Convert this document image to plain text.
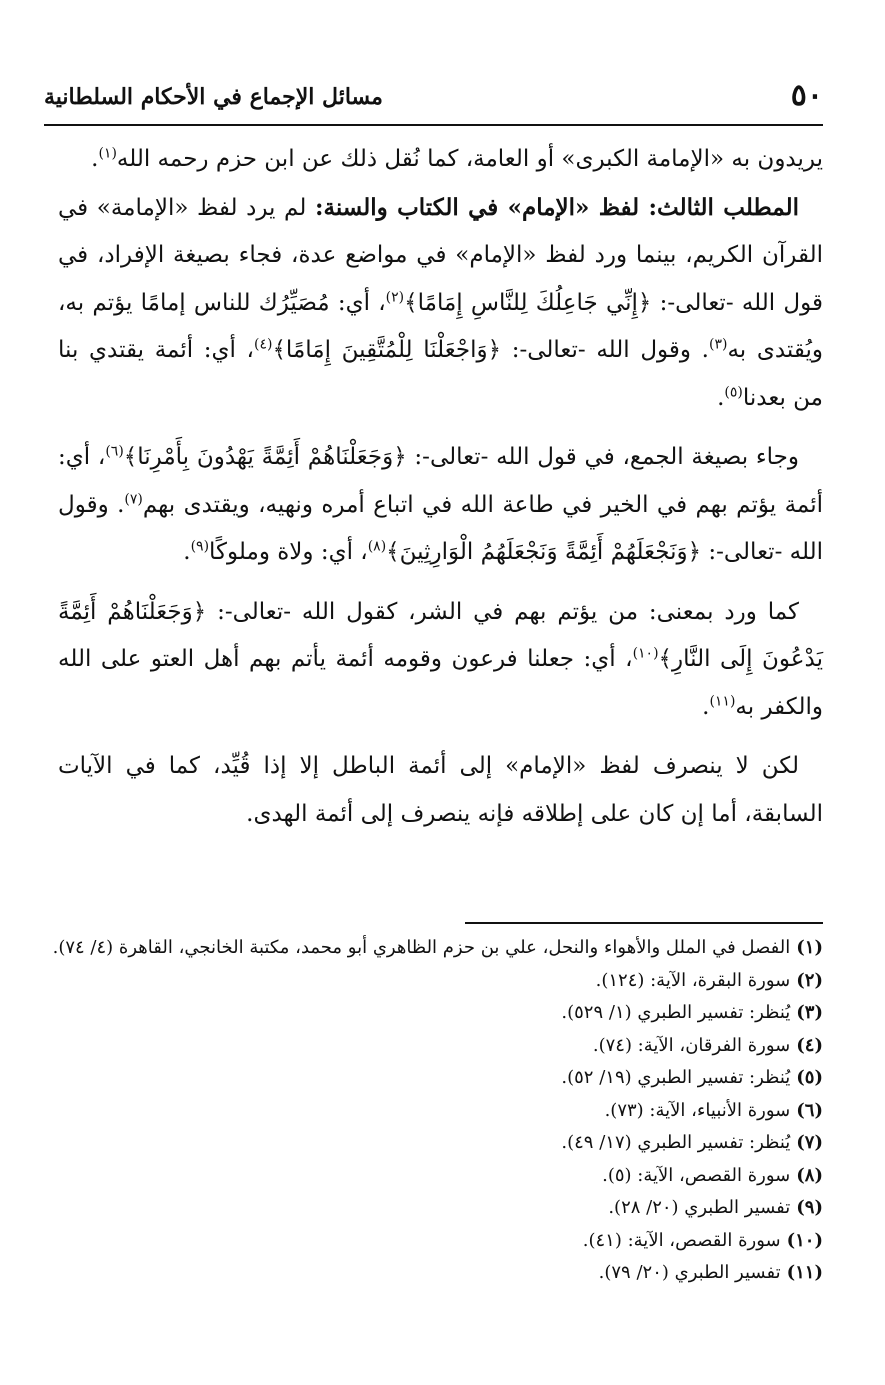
٥٠
مسائل الإجماع في الأحكام السلطانية

يريدون به «الإمامة الكبرى» أو العامة، كما نُقل ذلك عن ابن حزم رحمه الله$^{(١)}$.

المطلب الثالث: لفظ «الإمام» في الكتاب والسنة: لم يرد لفظ «الإمامة» في القرآن الكريم، بينما ورد لفظ «الإمام» في مواضع عدة، فجاء بصيغة الإفراد، في قول الله -تعالى-: ﴿إِنِّي جَاعِلُكَ لِلنَّاسِ إِمَامًا﴾$^{(٢)}$، أي: مُصَيِّرُك للناس إمامًا يؤتم به، ويُقتدى به$^{(٣)}$. وقول الله -تعالى-: ﴿وَاجْعَلْنَا لِلْمُتَّقِينَ إِمَامًا﴾$^{(٤)}$، أي: أئمة يقتدي بنا من بعدنا$^{(٥)}$.

وجاء بصيغة الجمع، في قول الله -تعالى-: ﴿وَجَعَلْنَاهُمْ أَئِمَّةً يَهْدُونَ بِأَمْرِنَا﴾$^{(٦)}$، أي: أئمة يؤتم بهم في الخير في طاعة الله في اتباع أمره ونهيه، ويقتدى بهم$^{(٧)}$. وقول الله -تعالى-: ﴿وَنَجْعَلَهُمْ أَئِمَّةً وَنَجْعَلَهُمُ الْوَارِثِينَ﴾$^{(٨)}$، أي: ولاة وملوكًا$^{(٩)}$.

كما ورد بمعنى: من يؤتم بهم في الشر، كقول الله -تعالى-: ﴿وَجَعَلْنَاهُمْ أَئِمَّةً يَدْعُونَ إِلَى النَّارِ﴾$^{(١٠)}$، أي: جعلنا فرعون وقومه أئمة يأتم بهم أهل العتو على الله والكفر به$^{(١١)}$.

لكن لا ينصرف لفظ «الإمام» إلى أئمة الباطل إلا إذا قُيِّد، كما في الآيات السابقة، أما إن كان على إطلاقه فإنه ينصرف إلى أئمة الهدى.

(١)
الفصل في الملل والأهواء والنحل، علي بن حزم الظاهري أبو محمد، مكتبة الخانجي، القاهرة (٤/ ٧٤).
(٢)
سورة البقرة، الآية: (١٢٤).
(٣)
يُنظر: تفسير الطبري (١/ ٥٢٩).
(٤)
سورة الفرقان، الآية: (٧٤).
(٥)
يُنظر: تفسير الطبري (١٩/ ٥٢).
(٦)
سورة الأنبياء، الآية: (٧٣).
(٧)
يُنظر: تفسير الطبري (١٧/ ٤٩).
(٨)
سورة القصص، الآية: (٥).
(٩)
تفسير الطبري (٢٠/ ٢٨).
(١٠)
سورة القصص، الآية: (٤١).
(١١)
تفسير الطبري (٢٠/ ٧٩).
